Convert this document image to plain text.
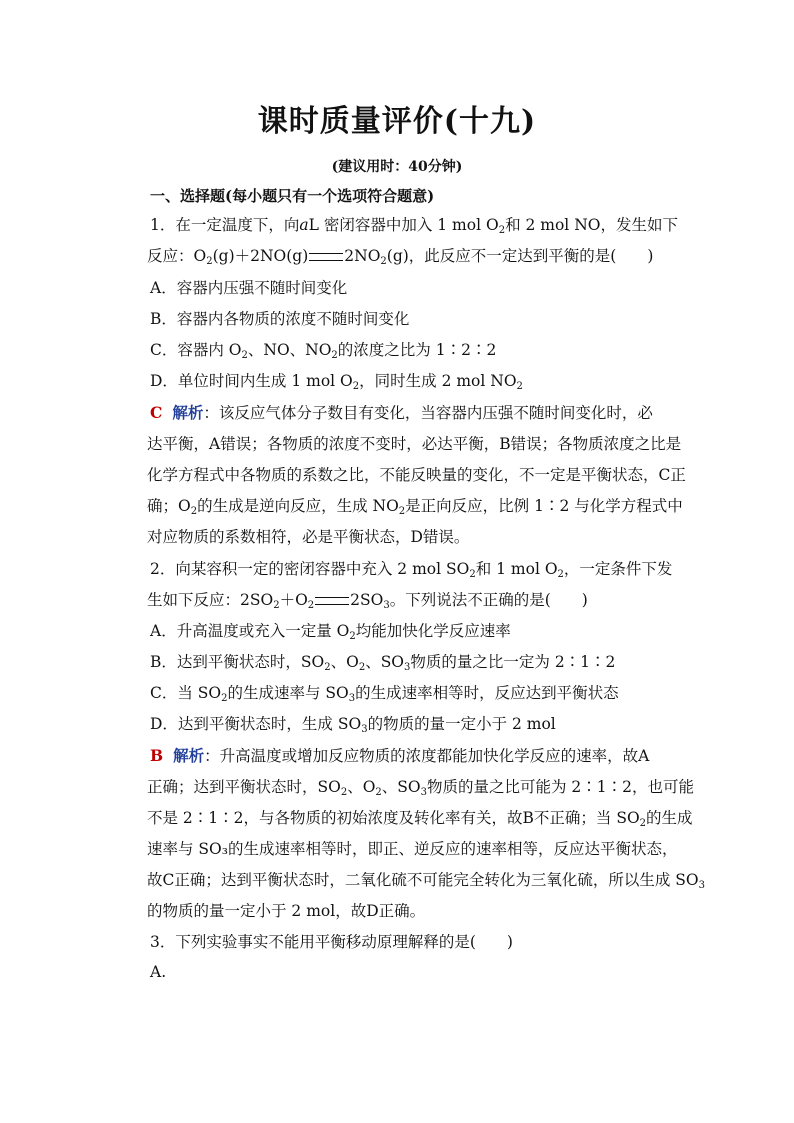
课时质量评价(十九)
(建议用时：40分钟)
一、选择题(每小题只有一个选项符合题意)
1．在一定温度下，向aL 密闭容器中加入 1 mol $O_2$和 2 mol NO，发生如下
反应：$O_2(g)+2NO(g)$ $2NO_2(g)$，此反应不一定达到平衡的是(　　)
A．容器内压强不随时间变化
B．容器内各物质的浓度不随时间变化
C．容器内 $O_2$、NO、$NO_2$的浓度之比为 1∶2∶2
D．单位时间内生成 1 mol $O_2$，同时生成 2 mol $NO_2$
C 解析：该反应气体分子数目有变化，当容器内压强不随时间变化时，必
达平衡，A错误；各物质的浓度不变时，必达平衡，B错误；各物质浓度之比是
化学方程式中各物质的系数之比，不能反映量的变化，不一定是平衡状态，C正
确；$O_2$的生成是逆向反应，生成 $NO_2$是正向反应，比例 1∶2 与化学方程式中
对应物质的系数相符，必是平衡状态，D错误。
2．向某容积一定的密闭容器中充入 2 mol $SO_2$和 1 mol $O_2$，一定条件下发
生如下反应：$2SO_2+O_2$ $2SO_3$。下列说法不正确的是(　　)
A．升高温度或充入一定量 $O_2$均能加快化学反应速率
B．达到平衡状态时，$SO_2$、$O_2$、$SO_3$物质的量之比一定为 2∶1∶2
C．当 $SO_2$的生成速率与 $SO_3$的生成速率相等时，反应达到平衡状态
D．达到平衡状态时，生成 $SO_3$的物质的量一定小于 2 mol
B 解析：升高温度或增加反应物质的浓度都能加快化学反应的速率，故A
正确；达到平衡状态时，$SO_2$、$O_2$、$SO_3$物质的量之比可能为 2∶1∶2，也可能
不是 2∶1∶2，与各物质的初始浓度及转化率有关，故B不正确；当 $SO_2$的生成
速率与 SO₃的生成速率相等时，即正、逆反应的速率相等，反应达平衡状态，
故C正确；达到平衡状态时，二氧化硫不可能完全转化为三氧化硫，所以生成 $SO_3$
的物质的量一定小于 2 mol，故D正确。
3．下列实验事实不能用平衡移动原理解释的是(　　)
A.
